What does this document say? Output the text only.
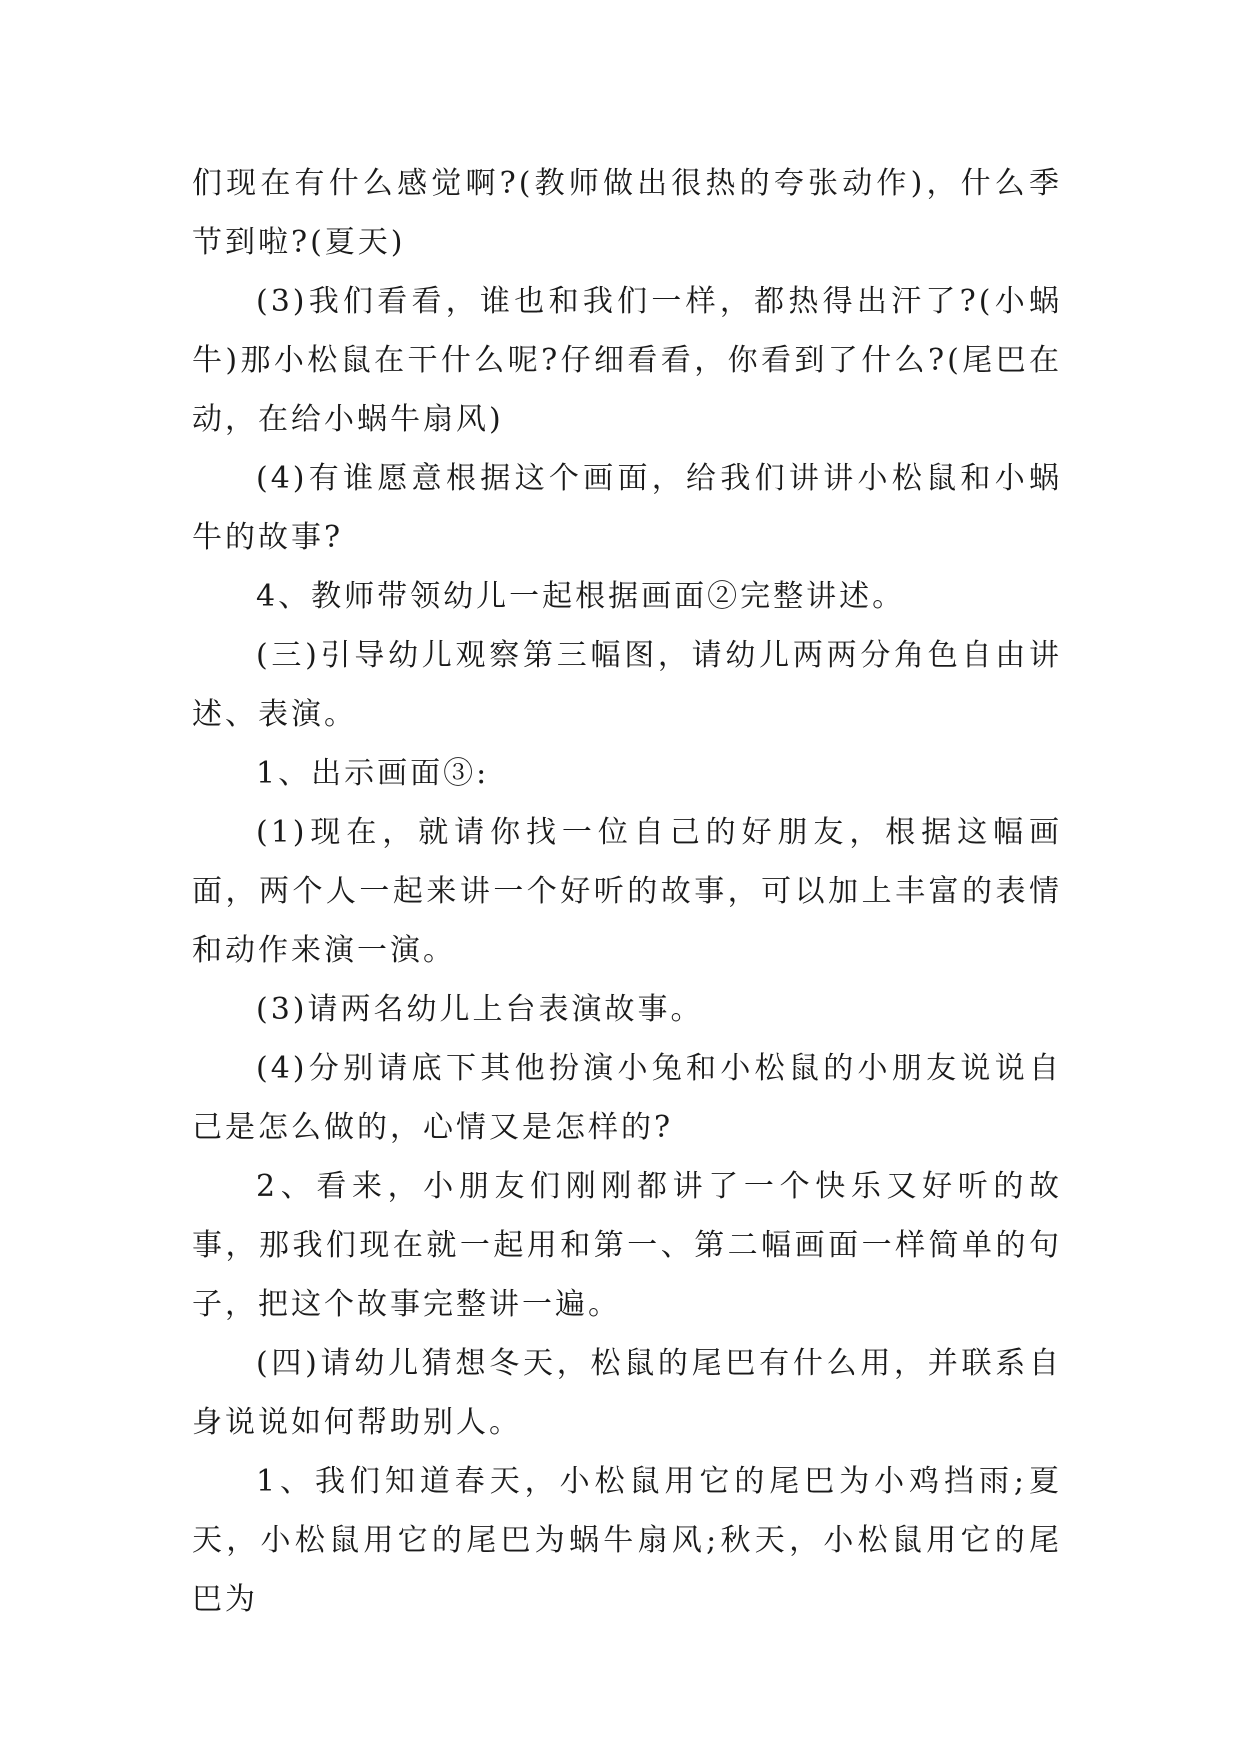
们现在有什么感觉啊?(教师做出很热的夸张动作)，什么季节到啦?(夏天)

(3)我们看看，谁也和我们一样，都热得出汗了?(小蜗牛)那小松鼠在干什么呢?仔细看看，你看到了什么?(尾巴在动，在给小蜗牛扇风)

(4)有谁愿意根据这个画面，给我们讲讲小松鼠和小蜗牛的故事?

4、教师带领幼儿一起根据画面②完整讲述。

(三)引导幼儿观察第三幅图，请幼儿两两分角色自由讲述、表演。

1、出示画面③:

(1)现在，就请你找一位自己的好朋友，根据这幅画面，两个人一起来讲一个好听的故事，可以加上丰富的表情和动作来演一演。

(3)请两名幼儿上台表演故事。

(4)分别请底下其他扮演小兔和小松鼠的小朋友说说自己是怎么做的，心情又是怎样的?

2、看来，小朋友们刚刚都讲了一个快乐又好听的故事，那我们现在就一起用和第一、第二幅画面一样简单的句子，把这个故事完整讲一遍。

(四)请幼儿猜想冬天，松鼠的尾巴有什么用，并联系自身说说如何帮助别人。

1、我们知道春天，小松鼠用它的尾巴为小鸡挡雨;夏天，小松鼠用它的尾巴为蜗牛扇风;秋天，小松鼠用它的尾巴为
